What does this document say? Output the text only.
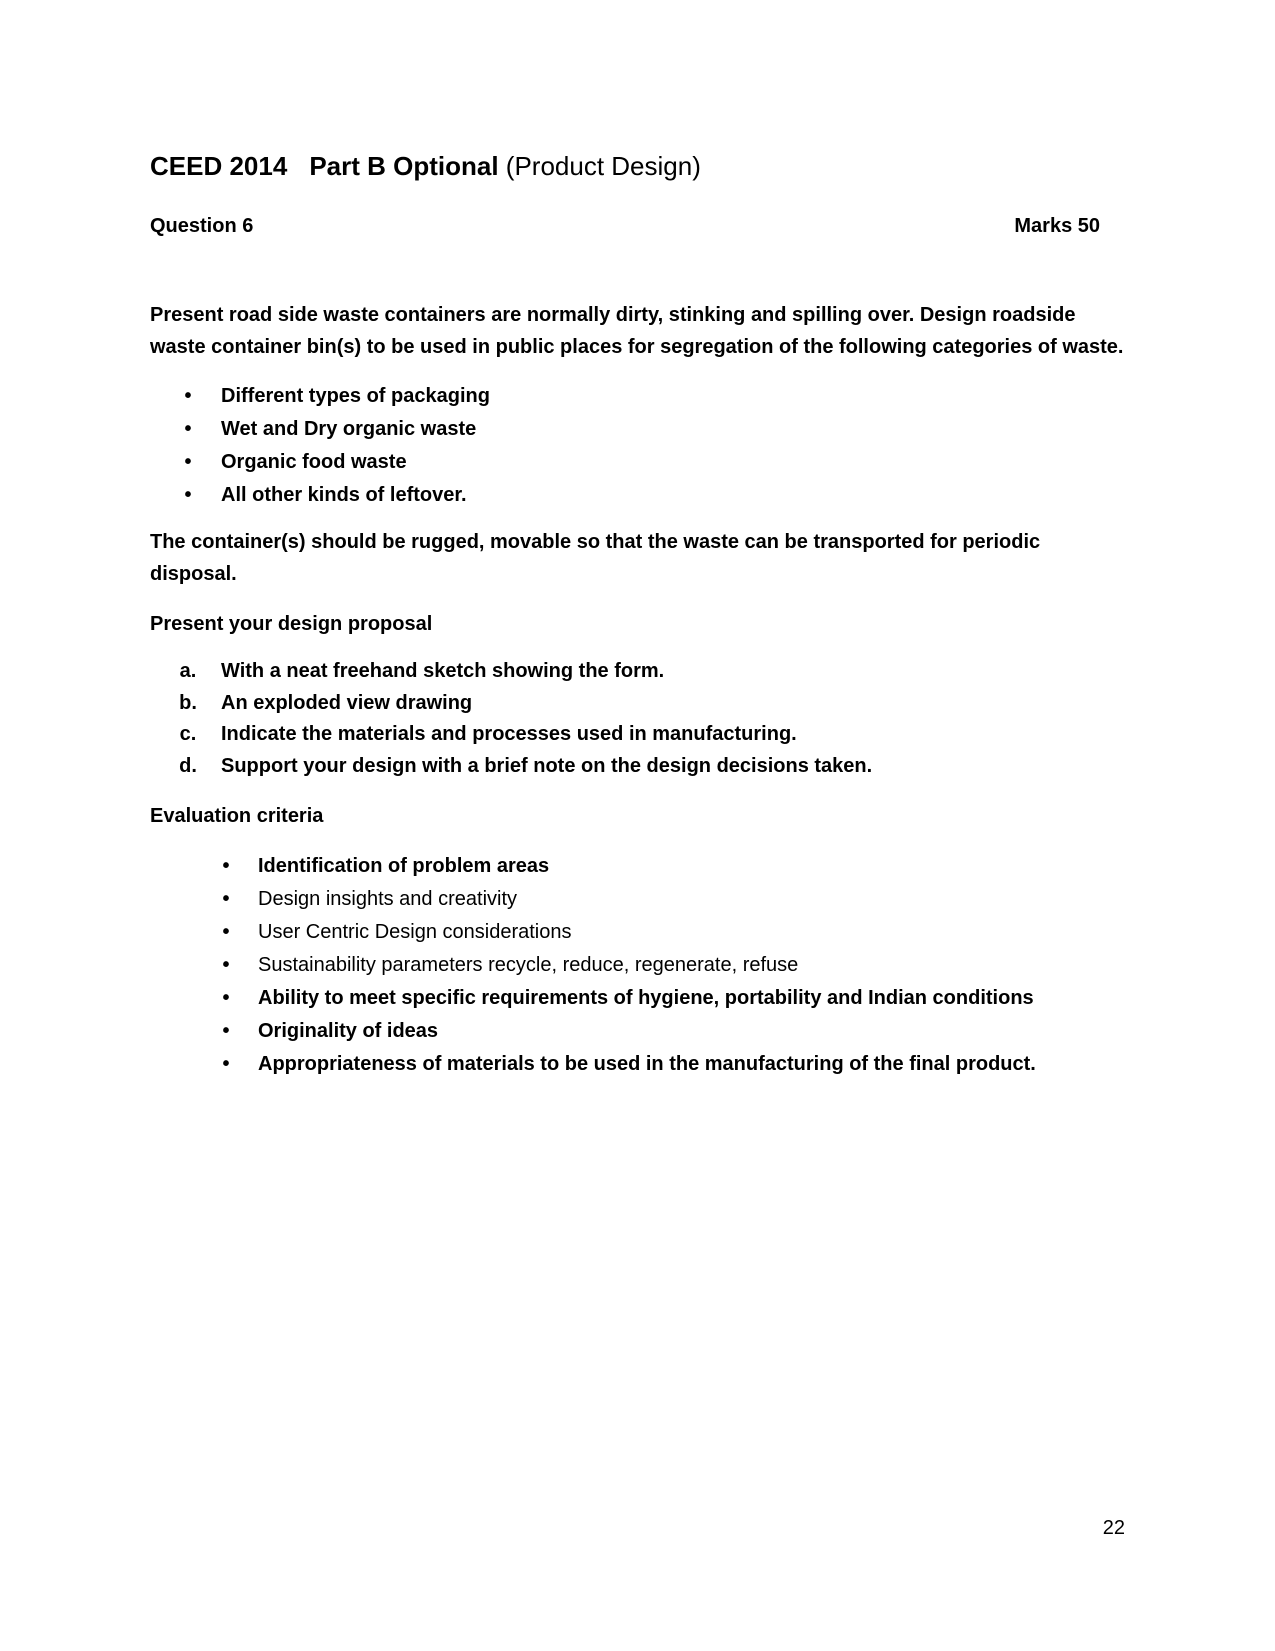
CEED 2014 Part B Optional (Product Design)
Question 6	Marks 50

Present road side waste containers are normally dirty, stinking and spilling over. Design roadside waste container bin(s) to be used in public places for segregation of the following categories of waste.

•	Different types of packaging
•	Wet and Dry organic waste
•	Organic food waste
•	All other kinds of leftover.

The container(s) should be rugged, movable so that the waste can be transported for periodic disposal.

Present your design proposal

a. With a neat freehand sketch showing the form.
b. An exploded view drawing
c. Indicate the materials and processes used in manufacturing.
d. Support your design with a brief note on the design decisions taken.

Evaluation criteria

•	Identification of problem areas
•	Design insights and creativity
•	User Centric Design considerations
•	Sustainability parameters recycle, reduce, regenerate, refuse
•	Ability to meet specific requirements of hygiene, portability and Indian conditions
•	Originality of ideas
•	Appropriateness of materials to be used in the manufacturing of the final product.
22
